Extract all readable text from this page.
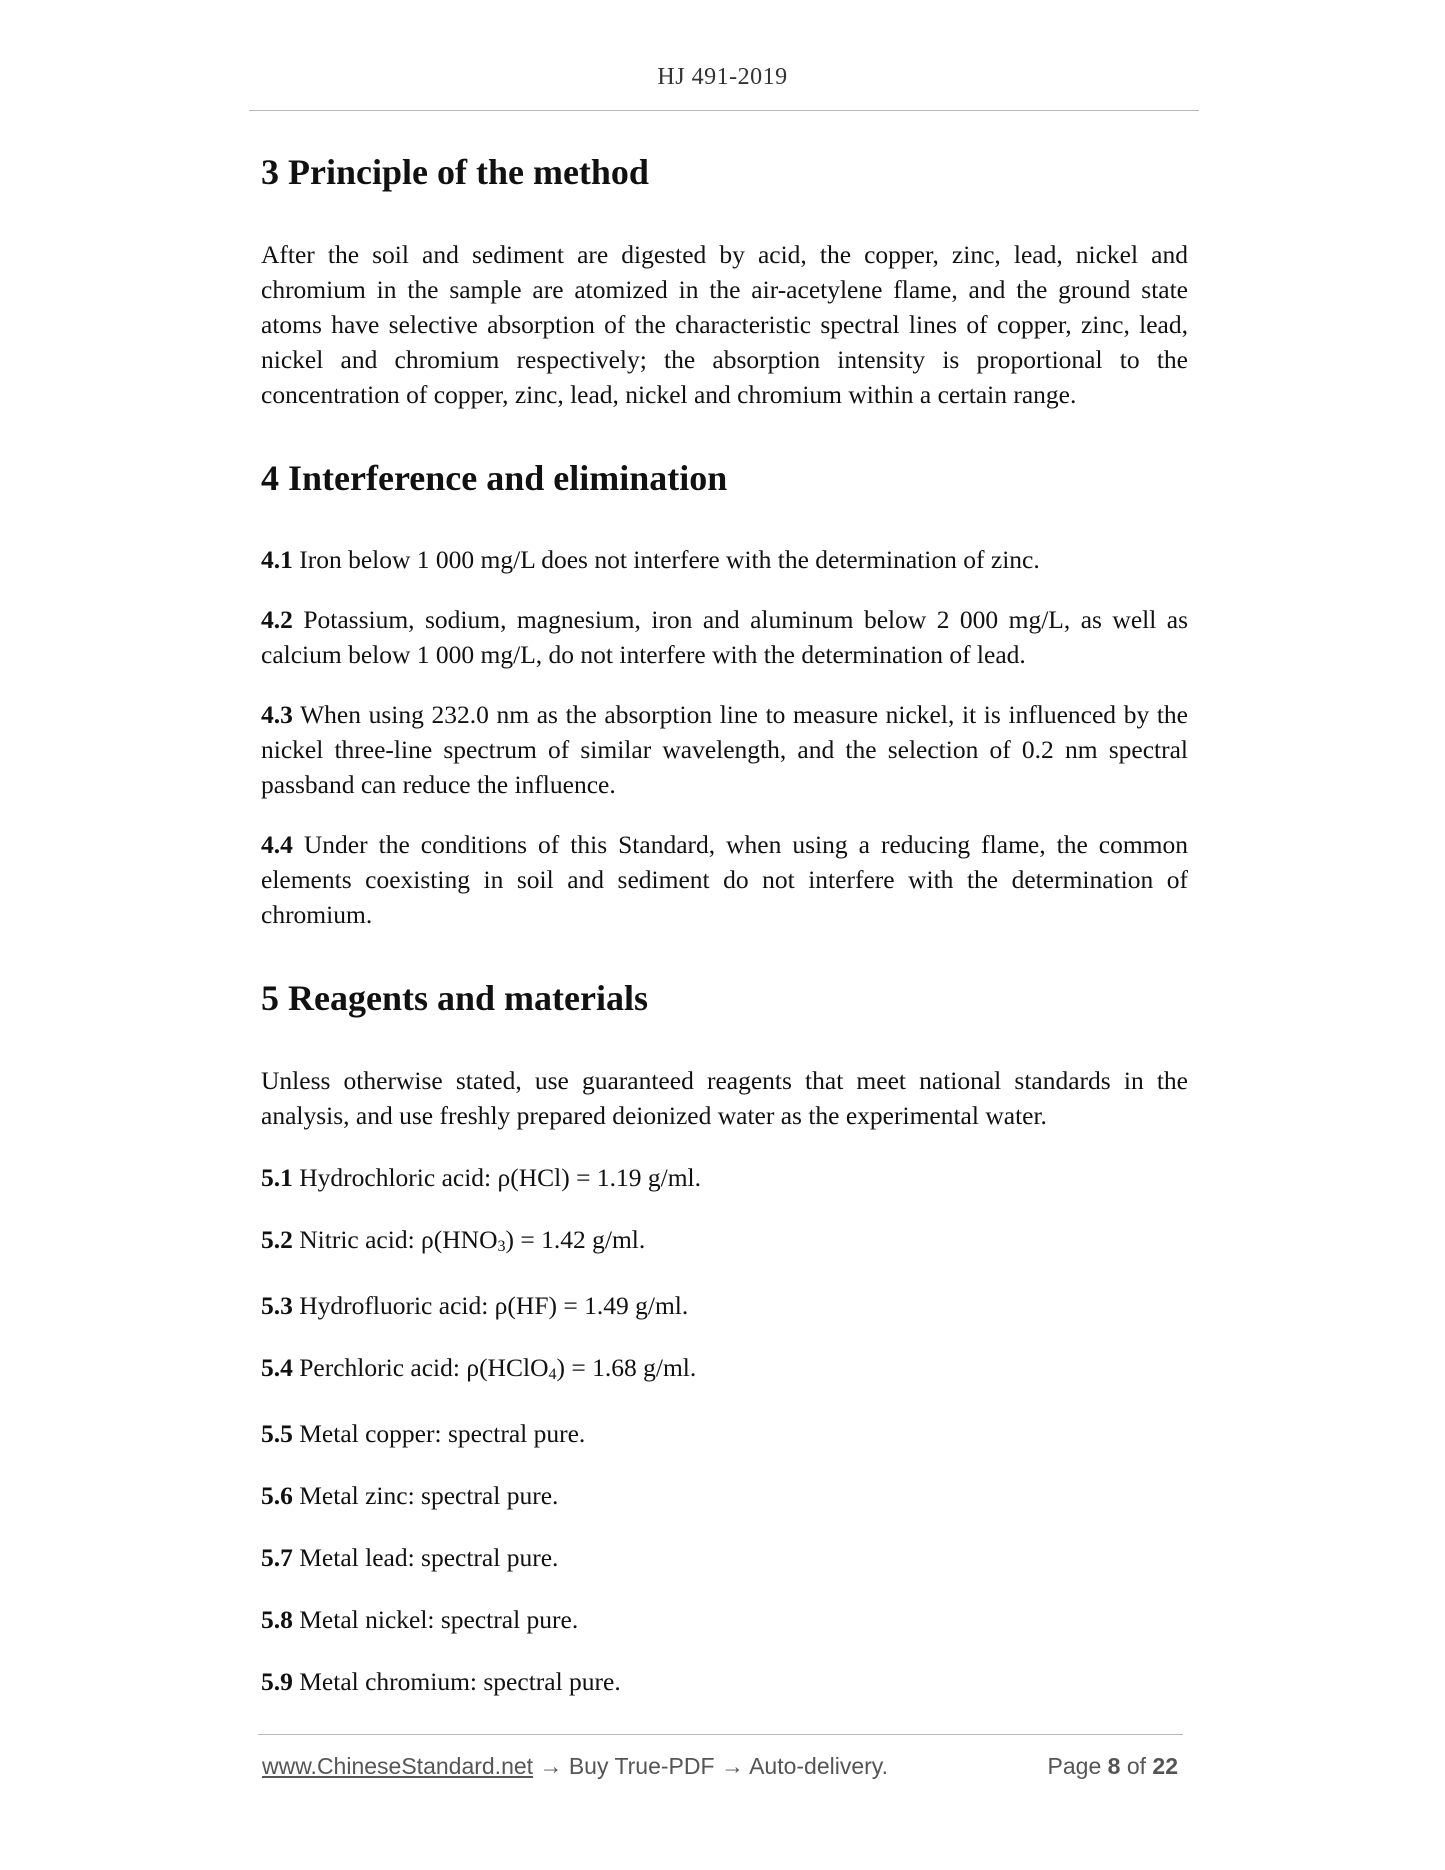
HJ 491-2019
3 Principle of the method

After the soil and sediment are digested by acid, the copper, zinc, lead, nickel and chromium in the sample are atomized in the air-acetylene flame, and the ground state atoms have selective absorption of the characteristic spectral lines of copper, zinc, lead, nickel and chromium respectively; the absorption intensity is proportional to the concentration of copper, zinc, lead, nickel and chromium within a certain range.

4 Interference and elimination

4.1 Iron below 1 000 mg/L does not interfere with the determination of zinc.

4.2 Potassium, sodium, magnesium, iron and aluminum below 2 000 mg/L, as well as calcium below 1 000 mg/L, do not interfere with the determination of lead.

4.3 When using 232.0 nm as the absorption line to measure nickel, it is influenced by the nickel three-line spectrum of similar wavelength, and the selection of 0.2 nm spectral passband can reduce the influence.

4.4 Under the conditions of this Standard, when using a reducing flame, the common elements coexisting in soil and sediment do not interfere with the determination of chromium.

5 Reagents and materials

Unless otherwise stated, use guaranteed reagents that meet national standards in the analysis, and use freshly prepared deionized water as the experimental water.

5.1 Hydrochloric acid: ρ(HCl) = 1.19 g/ml.

5.2 Nitric acid: ρ(HNO3) = 1.42 g/ml.

5.3 Hydrofluoric acid: ρ(HF) = 1.49 g/ml.

5.4 Perchloric acid: ρ(HClO4) = 1.68 g/ml.

5.5 Metal copper: spectral pure.

5.6 Metal zinc: spectral pure.

5.7 Metal lead: spectral pure.

5.8 Metal nickel: spectral pure.

5.9 Metal chromium: spectral pure.

www.ChineseStandard.net → Buy True-PDF → Auto-delivery.	Page 8 of 22
